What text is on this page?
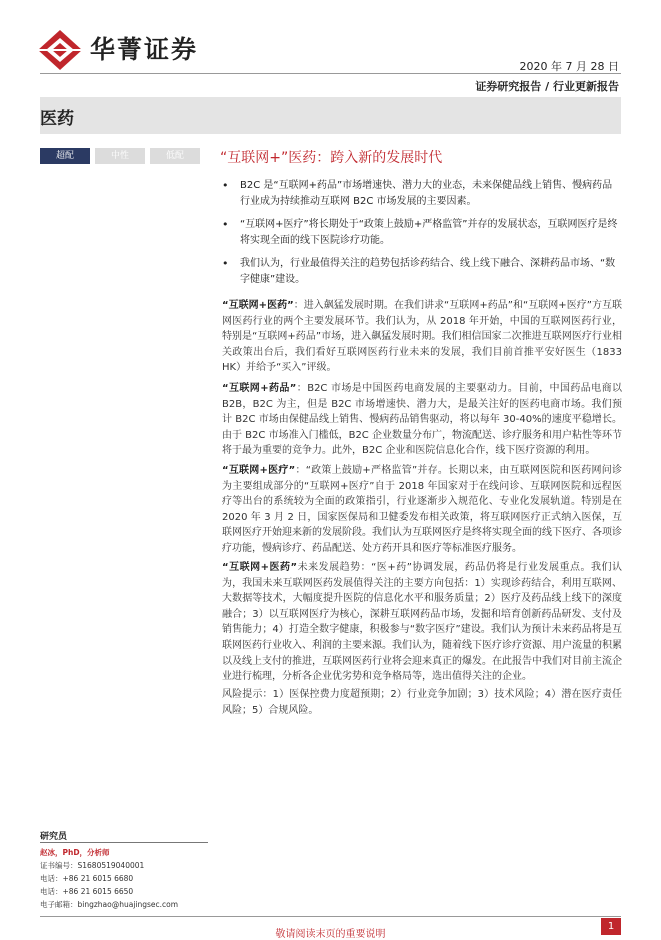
华菁证券
2020 年 7 月 28 日
证券研究报告 / 行业更新报告
医药
超配	中性	低配	“互联网+”医药：跨入新的发展时代
• B2C 是“互联网+药品”市场增速快、潜力大的业态，未来保健品线上销售、慢病药品行业成为持续推动互联网 B2C 市场发展的主要因素。
• “互联网+医疗”将长期处于“政策上鼓励+严格监管”并存的发展状态，互联网医疗是终将实现全面的线下医院诊疗功能。
• 我们认为，行业最值得关注的趋势包括诊药结合、线上线下融合、深耕药品市场、“数字健康”建设。

“互联网+医药”：进入飙猛发展时期。在我们讲求“互联网+药品”和“互联网+医疗”方互联网医药行业的两个主要发展环节。我们认为，从 2018 年开始，中国的互联网医药行业，特别是“互联网+药品”市场，进入飙猛发展时期。我们相信国家二次推进互联网医疗行业相关政策出台后，我们看好互联网医药行业未来的发展，我们目前首推平安好医生（1833 HK）并给予“买入”评级。

“互联网+药品”：B2C 市场是中国医药电商发展的主要驱动力。目前，中国药品电商以 B2B，B2C 为主，但是 B2C 市场增速快、潜力大，是最关注好的医药电商市场。我们预计 B2C 市场由保健品线上销售、慢病药品销售驱动，将以每年 30-40%的速度平稳增长。由于 B2C 市场准入门槛低，B2C 企业数量分布广，物流配送、诊疗服务和用户粘性等环节将于最为重要的竞争力。此外，B2C 企业和医院信息化合作，线下医疗资源的利用。

“互联网+医疗”：“政策上鼓励+严格监管”并存。长期以来，由互联网医院和医药网问诊为主要组成部分的“互联网+医疗”自于 2018 年国家对于在线问诊、互联网医院和远程医疗等出台的系统较为全面的政策指引，行业逐渐步入规范化、专业化发展轨道。特别是在 2020 年 3 月 2 日，国家医保局和卫健委发布相关政策，将互联网医疗正式纳入医保，互联网医疗开始迎来新的发展阶段。我们认为互联网医疗是终将实现全面的线下医疗、各项诊疗功能，慢病诊疗、药品配送、处方药开具和医疗等标准医疗服务。

“互联网+医药”未来发展趋势：“医+药”协调发展，药品仍将是行业发展重点。我们认为，我国未来互联网医药发展值得关注的主要方向包括：1）实现诊药结合，利用互联网、大数据等技术，大幅度提升医院的信息化水平和服务质量；2）医疗及药品线上线下的深度融合；3）以互联网医疗为核心，深耕互联网药品市场，发掘和培育创新药品研发、支付及销售能力；4）打造全数字健康，积极参与“数字医疗”建设。我们认为预计未来药品将是互联网医药行业收入、利润的主要来源。我们认为，随着线下医疗诊疗资源、用户流量的积累以及线上支付的推进，互联网医药行业将会迎来真正的爆发。在此报告中我们对目前主流企业进行梳理，分析各企业优劣势和竞争格局等，选出值得关注的企业。

风险提示：1）医保控费力度超预期；2）行业竞争加剧；3）技术风险；4）潜在医疗责任风险；5）合规风险。

研究员
赵冰，PhD，分析师
证书编号：S1680519040001
电话：+86 21 6015 6680
电话：+86 21 6015 6650
电子邮箱：bingzhao@huajingsec.com
敬请阅读末页的重要说明
1
